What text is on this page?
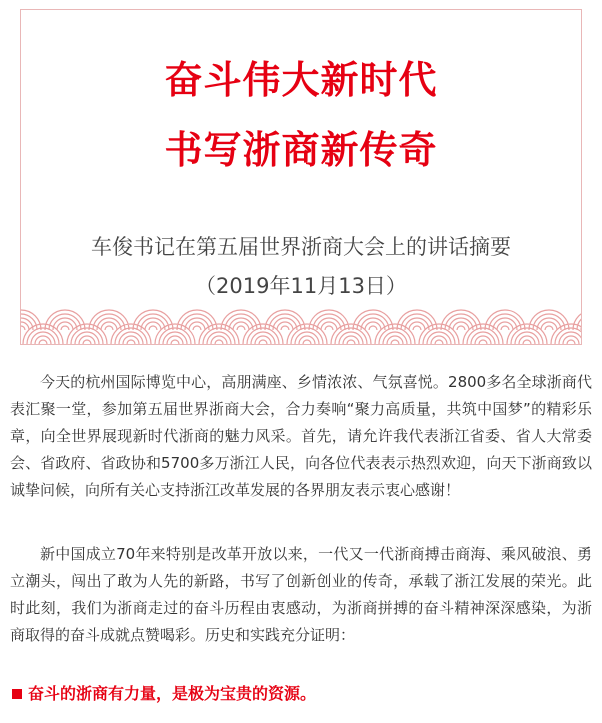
奋斗伟大新时代
书写浙商新传奇
车俊书记在第五届世界浙商大会上的讲话摘要
（2019年11月13日）

今天的杭州国际博览中心，高朋满座、乡情浓浓、气氛喜悦。2800多名全球浙商代表汇聚一堂，参加第五届世界浙商大会，合力奏响“聚力高质量，共筑中国梦”的精彩乐章，向全世界展现新时代浙商的魅力风采。首先，请允许我代表浙江省委、省人大常委会、省政府、省政协和5700多万浙江人民，向各位代表表示热烈欢迎，向天下浙商致以诚挚问候，向所有关心支持浙江改革发展的各界朋友表示衷心感谢！

新中国成立70年来特别是改革开放以来，一代又一代浙商搏击商海、乘风破浪、勇立潮头，闯出了敢为人先的新路，书写了创新创业的传奇，承载了浙江发展的荣光。此时此刻，我们为浙商走过的奋斗历程由衷感动，为浙商拼搏的奋斗精神深深感染，为浙商取得的奋斗成就点赞喝彩。历史和实践充分证明：

奋斗的浙商有力量，是极为宝贵的资源。
